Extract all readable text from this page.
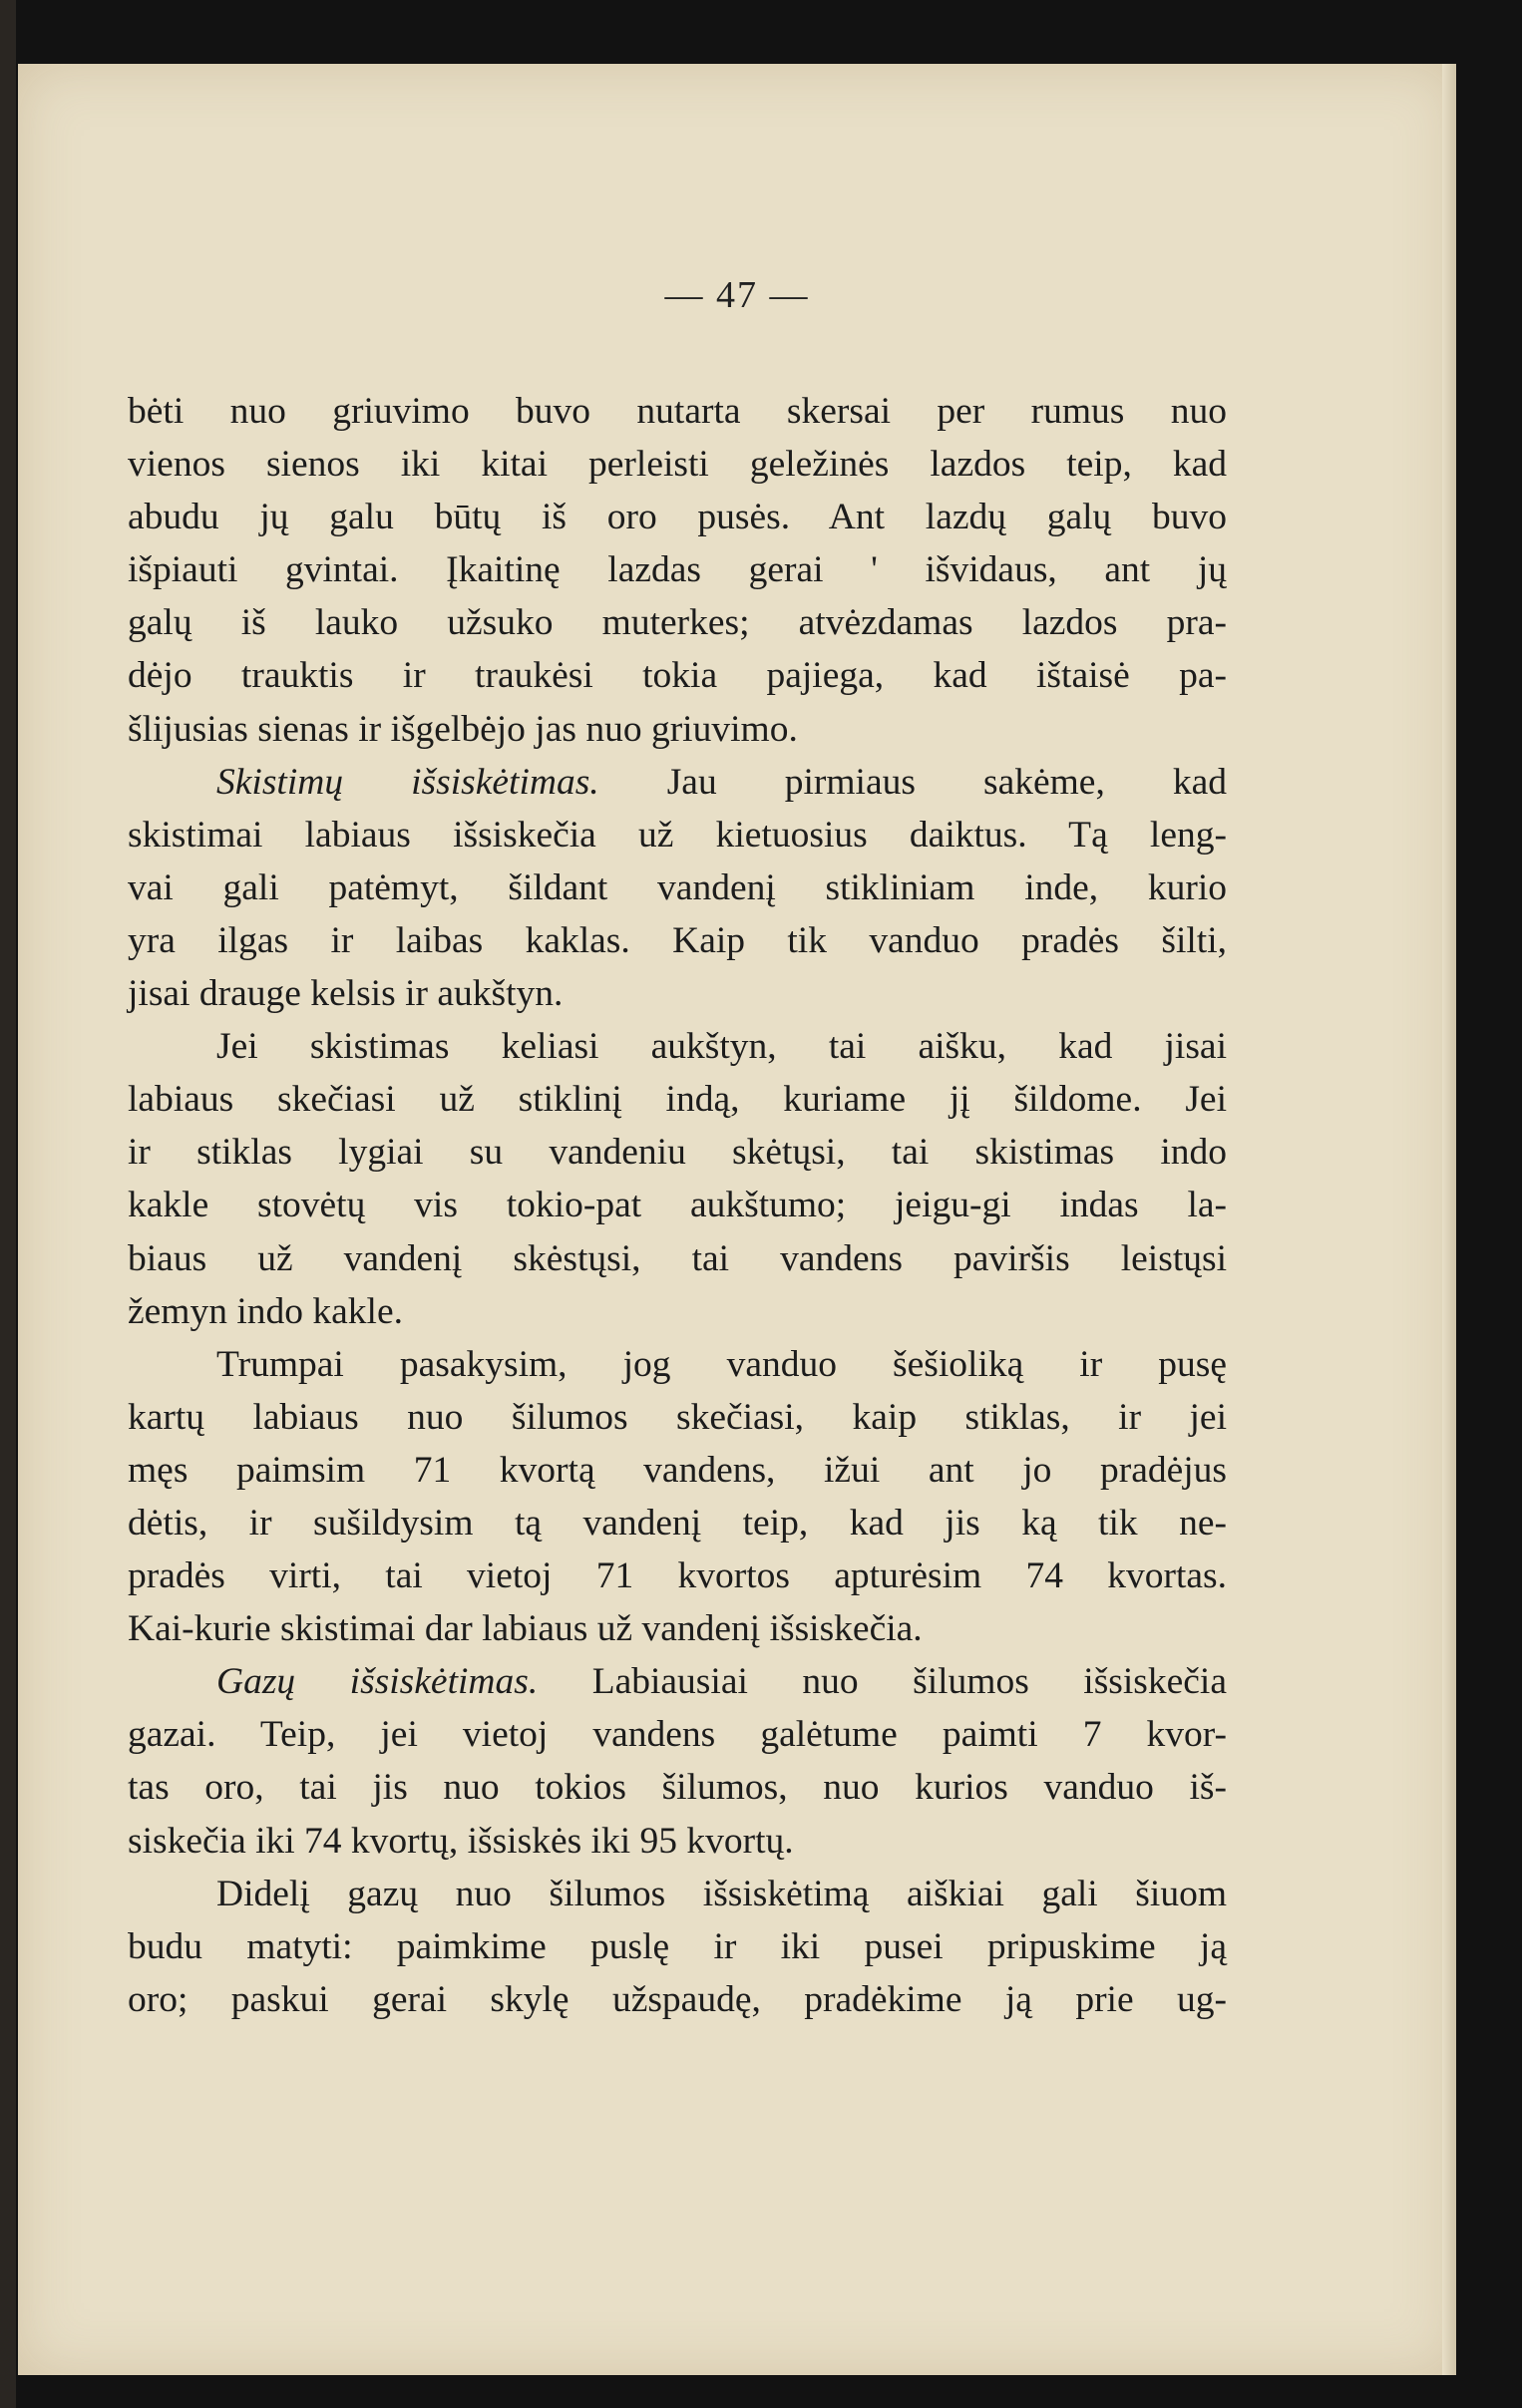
— 47 —
bėti nuo griuvimo buvo nutarta skersai per rumus nuo
vienos sienos iki kitai perleisti geležinės lazdos teip, kad
abudu jų galu būtų iš oro pusės. Ant lazdų galų buvo
išpiauti gvintai. Įkaitinę lazdas gerai ' išvidaus, ant jų
galų iš lauko užsuko muterkes; atvėzdamas lazdos pra-
dėjo trauktis ir traukėsi tokia pajiega, kad ištaisė pa-
šlijusias sienas ir išgelbėjo jas nuo griuvimo.
Skistimų išsiskėtimas. Jau pirmiaus sakėme, kad
skistimai labiaus išsiskečia už kietuosius daiktus. Tą leng-
vai gali patėmyt, šildant vandenį stikliniam inde, kurio
yra ilgas ir laibas kaklas. Kaip tik vanduo pradės šilti,
jisai drauge kelsis ir aukštyn.
Jei skistimas keliasi aukštyn, tai aišku, kad jisai
labiaus skečiasi už stiklinį indą, kuriame jį šildome. Jei
ir stiklas lygiai su vandeniu skėtųsi, tai skistimas indo
kakle stovėtų vis tokio-pat aukštumo; jeigu-gi indas la-
biaus už vandenį skėstųsi, tai vandens paviršis leistųsi
žemyn indo kakle.
Trumpai pasakysim, jog vanduo šešioliką ir pusę
kartų labiaus nuo šilumos skečiasi, kaip stiklas, ir jei
męs paimsim 71 kvortą vandens, ižui ant jo pradėjus
dėtis, ir sušildysim tą vandenį teip, kad jis ką tik ne-
pradės virti, tai vietoj 71 kvortos apturėsim 74 kvortas.
Kai-kurie skistimai dar labiaus už vandenį išsiskečia.
Gazų išsiskėtimas. Labiausiai nuo šilumos išsiskečia
gazai. Teip, jei vietoj vandens galėtume paimti 7 kvor-
tas oro, tai jis nuo tokios šilumos, nuo kurios vanduo iš-
siskečia iki 74 kvortų, išsiskės iki 95 kvortų.
Didelį gazų nuo šilumos išsiskėtimą aiškiai gali šiuom
budu matyti: paimkime puslę ir iki pusei pripuskime ją
oro; paskui gerai skylę užspaudę, pradėkime ją prie ug-
